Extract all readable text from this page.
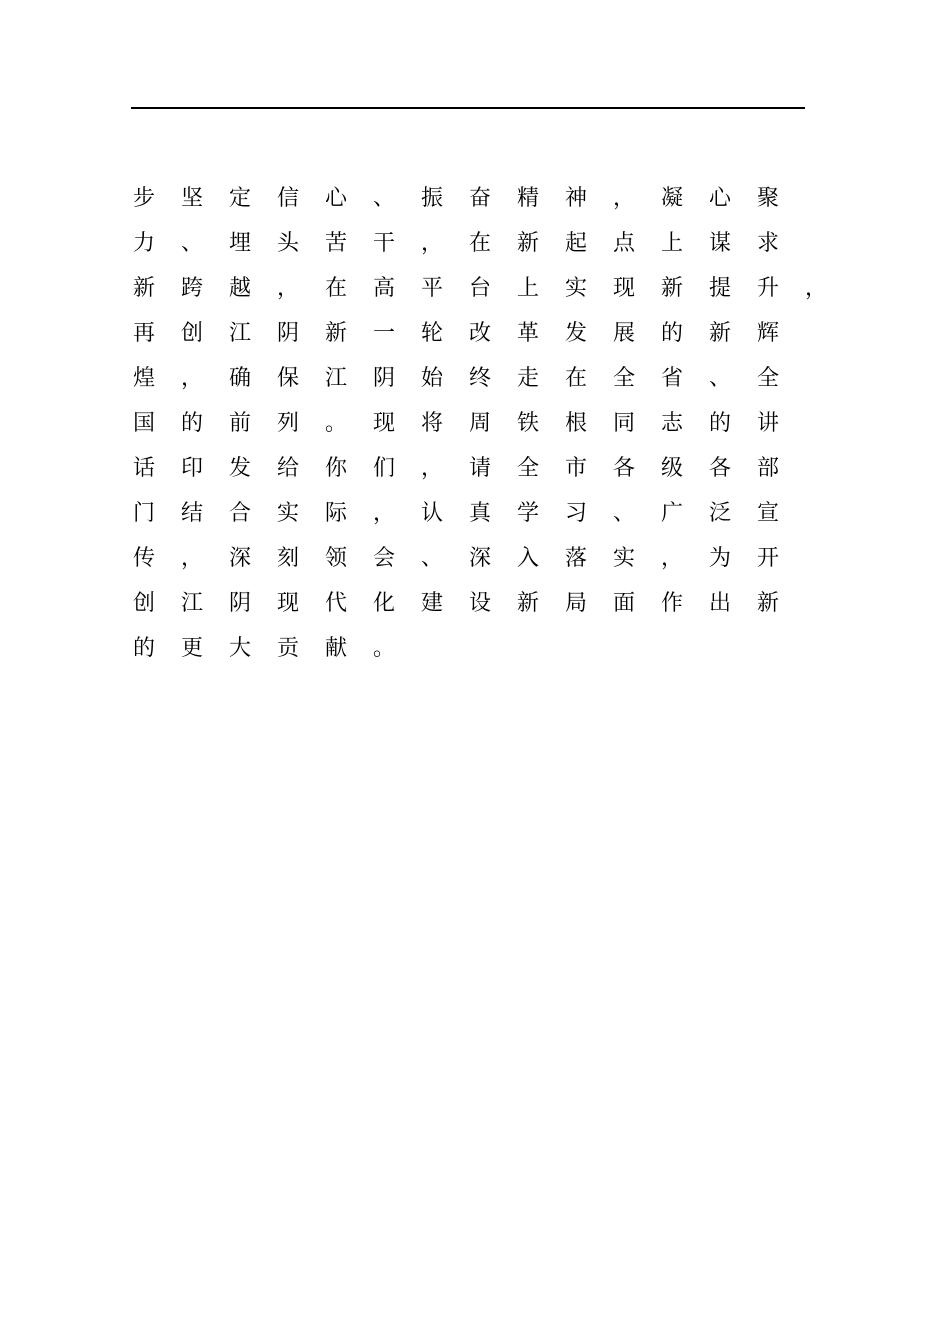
步 坚 定 信 心 、 振 奋 精 神 ， 凝 心 聚
力 、 埋 头 苦 干 ， 在 新 起 点 上 谋 求
新 跨 越 ， 在 高 平 台 上 实 现 新 提 升 ，
再 创 江 阴 新 一 轮 改 革 发 展 的 新 辉
煌 ， 确 保 江 阴 始 终 走 在 全 省 、 全
国 的 前 列 。 现 将 周 铁 根 同 志 的 讲
话 印 发 给 你 们 ， 请 全 市 各 级 各 部
门 结 合 实 际 ， 认 真 学 习 、 广 泛 宣
传 ， 深 刻 领 会 、 深 入 落 实 ， 为 开
创 江 阴 现 代 化 建 设 新 局 面 作 出 新
的 更 大 贡 献 。
